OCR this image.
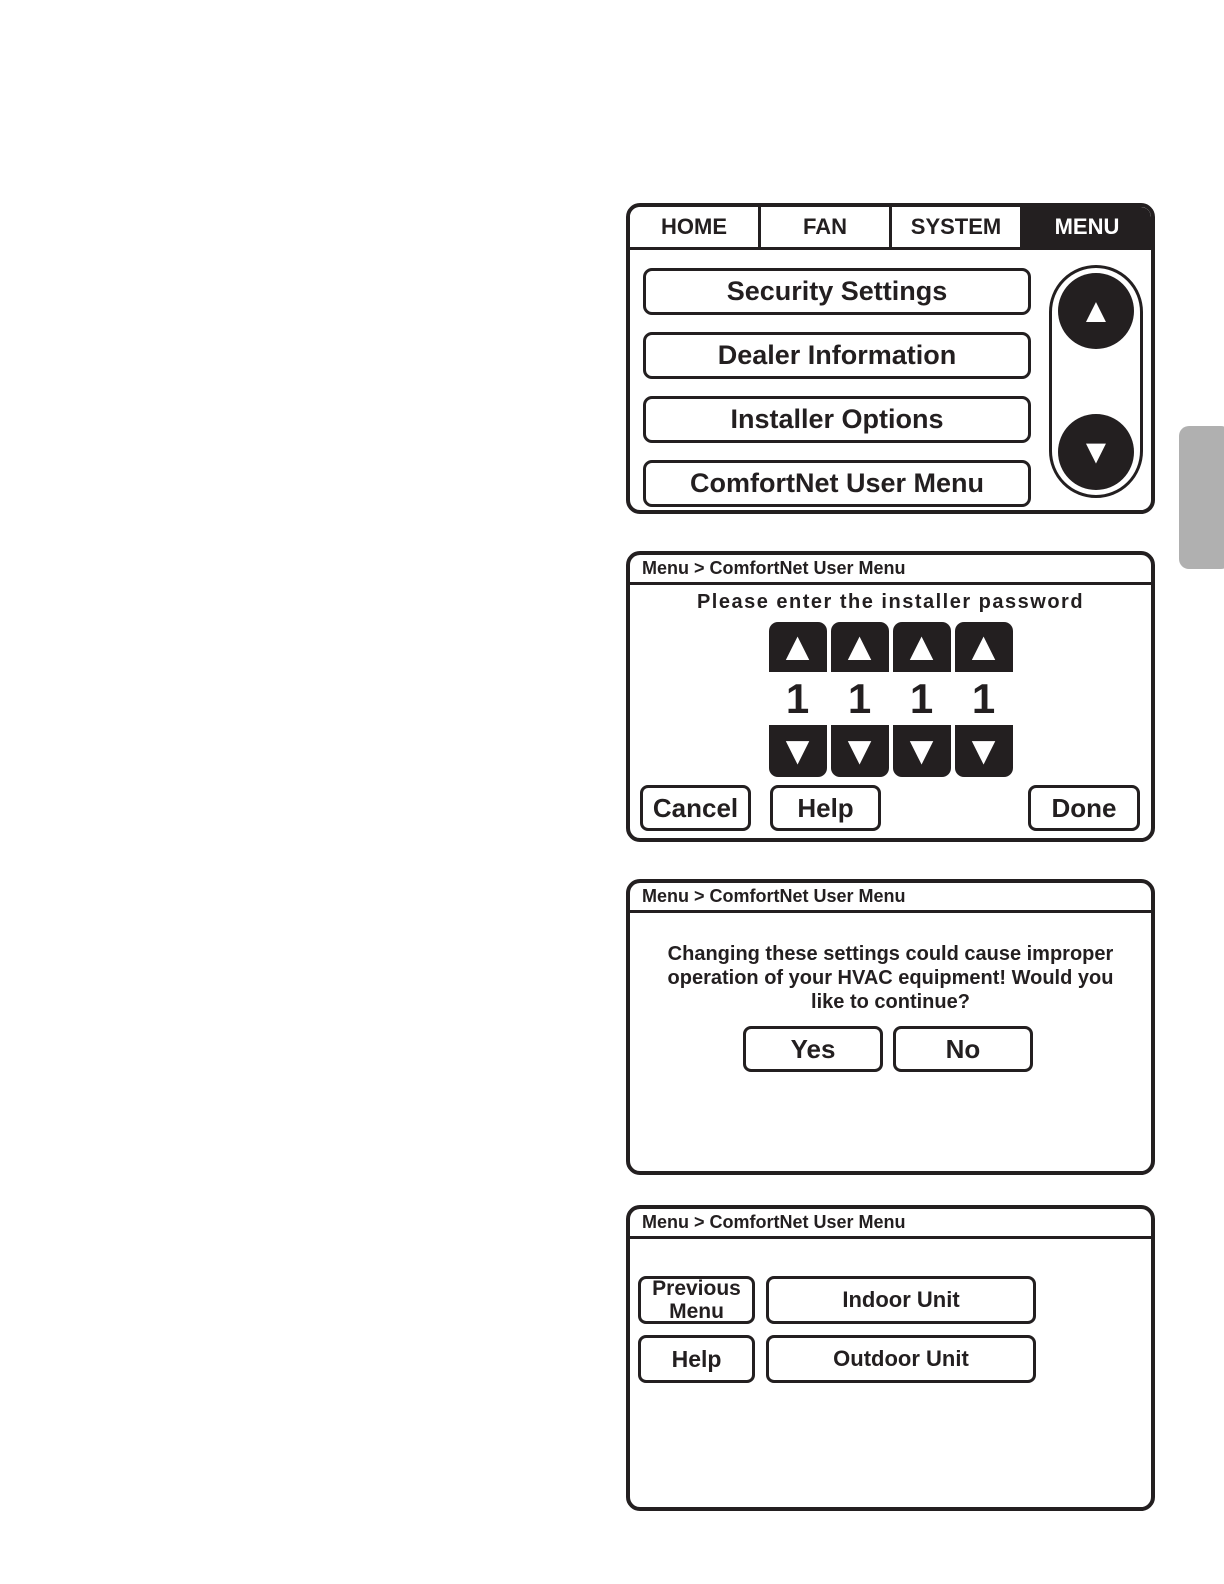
HOME	FAN	SYSTEM	MENU
Security Settings
Dealer Information
Installer Options
ComfortNet User Menu
▲
▼
Menu > ComfortNet User Menu
Please enter the installer password
▲
1
▼
▲
1
▼
▲
1
▼
▲
1
▼
Cancel	Help	Done
Menu > ComfortNet User Menu
Changing these settings could cause improper
operation of your HVAC equipment! Would you
like to continue?
Yes	No
Menu > ComfortNet User Menu
Previous Menu	Indoor Unit
Help	Outdoor Unit
